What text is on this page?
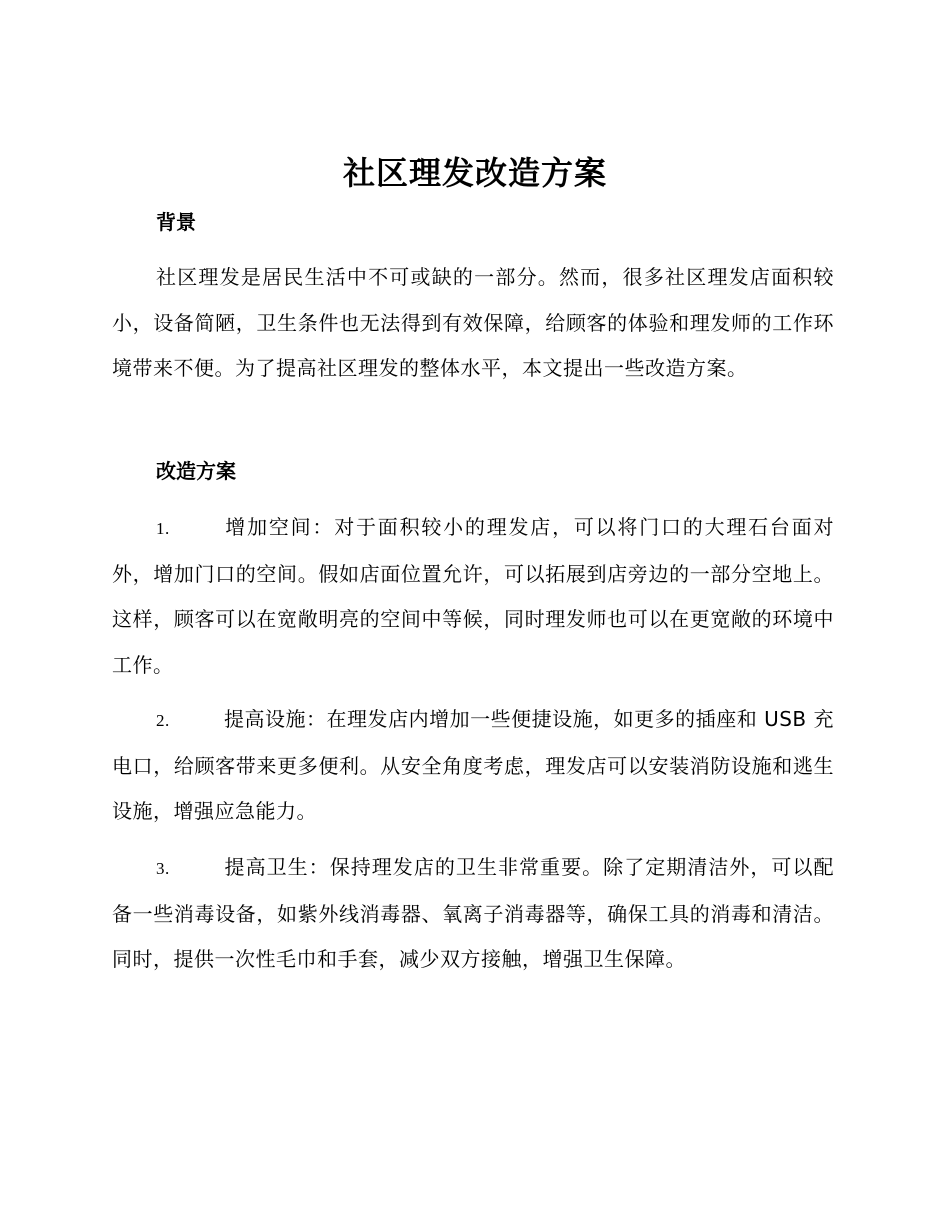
社区理发改造方案
背景
社区理发是居民生活中不可或缺的一部分。然而，很多社区理发店面积较小，设备简陋，卫生条件也无法得到有效保障，给顾客的体验和理发师的工作环境带来不便。为了提高社区理发的整体水平，本文提出一些改造方案。
改造方案
1.	增加空间：对于面积较小的理发店，可以将门口的大理石台面对外，增加门口的空间。假如店面位置允许，可以拓展到店旁边的一部分空地上。这样，顾客可以在宽敞明亮的空间中等候，同时理发师也可以在更宽敞的环境中工作。
2.	提高设施：在理发店内增加一些便捷设施，如更多的插座和 USB 充电口，给顾客带来更多便利。从安全角度考虑，理发店可以安装消防设施和逃生设施，增强应急能力。
3.	提高卫生：保持理发店的卫生非常重要。除了定期清洁外，可以配备一些消毒设备，如紫外线消毒器、氧离子消毒器等，确保工具的消毒和清洁。同时，提供一次性毛巾和手套，减少双方接触，增强卫生保障。
